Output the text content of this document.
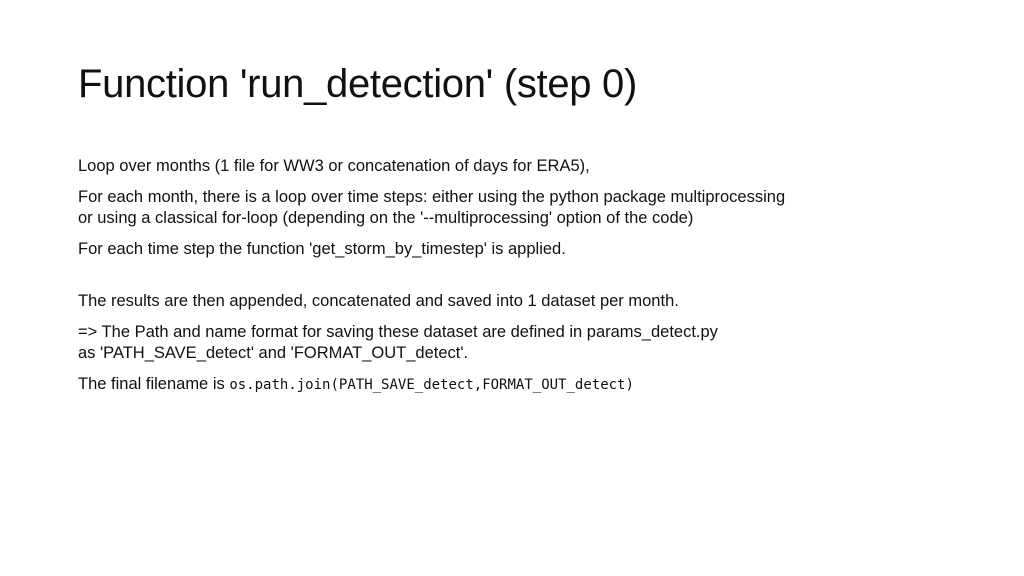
Function 'run_detection' (step 0)

Loop over months (1 file for WW3 or concatenation of days for ERA5),

For each month, there is a loop over time steps: either using the python package multiprocessing
or using a classical for-loop (depending on the '--multiprocessing' option of the code)

For each time step the function 'get_storm_by_timestep' is applied.

The results are then appended, concatenated and saved into 1 dataset per month.

=> The Path and name format for saving these dataset are defined in params_detect.py
as 'PATH_SAVE_detect' and 'FORMAT_OUT_detect'.

The final filename is os.path.join(PATH_SAVE_detect,FORMAT_OUT_detect)
